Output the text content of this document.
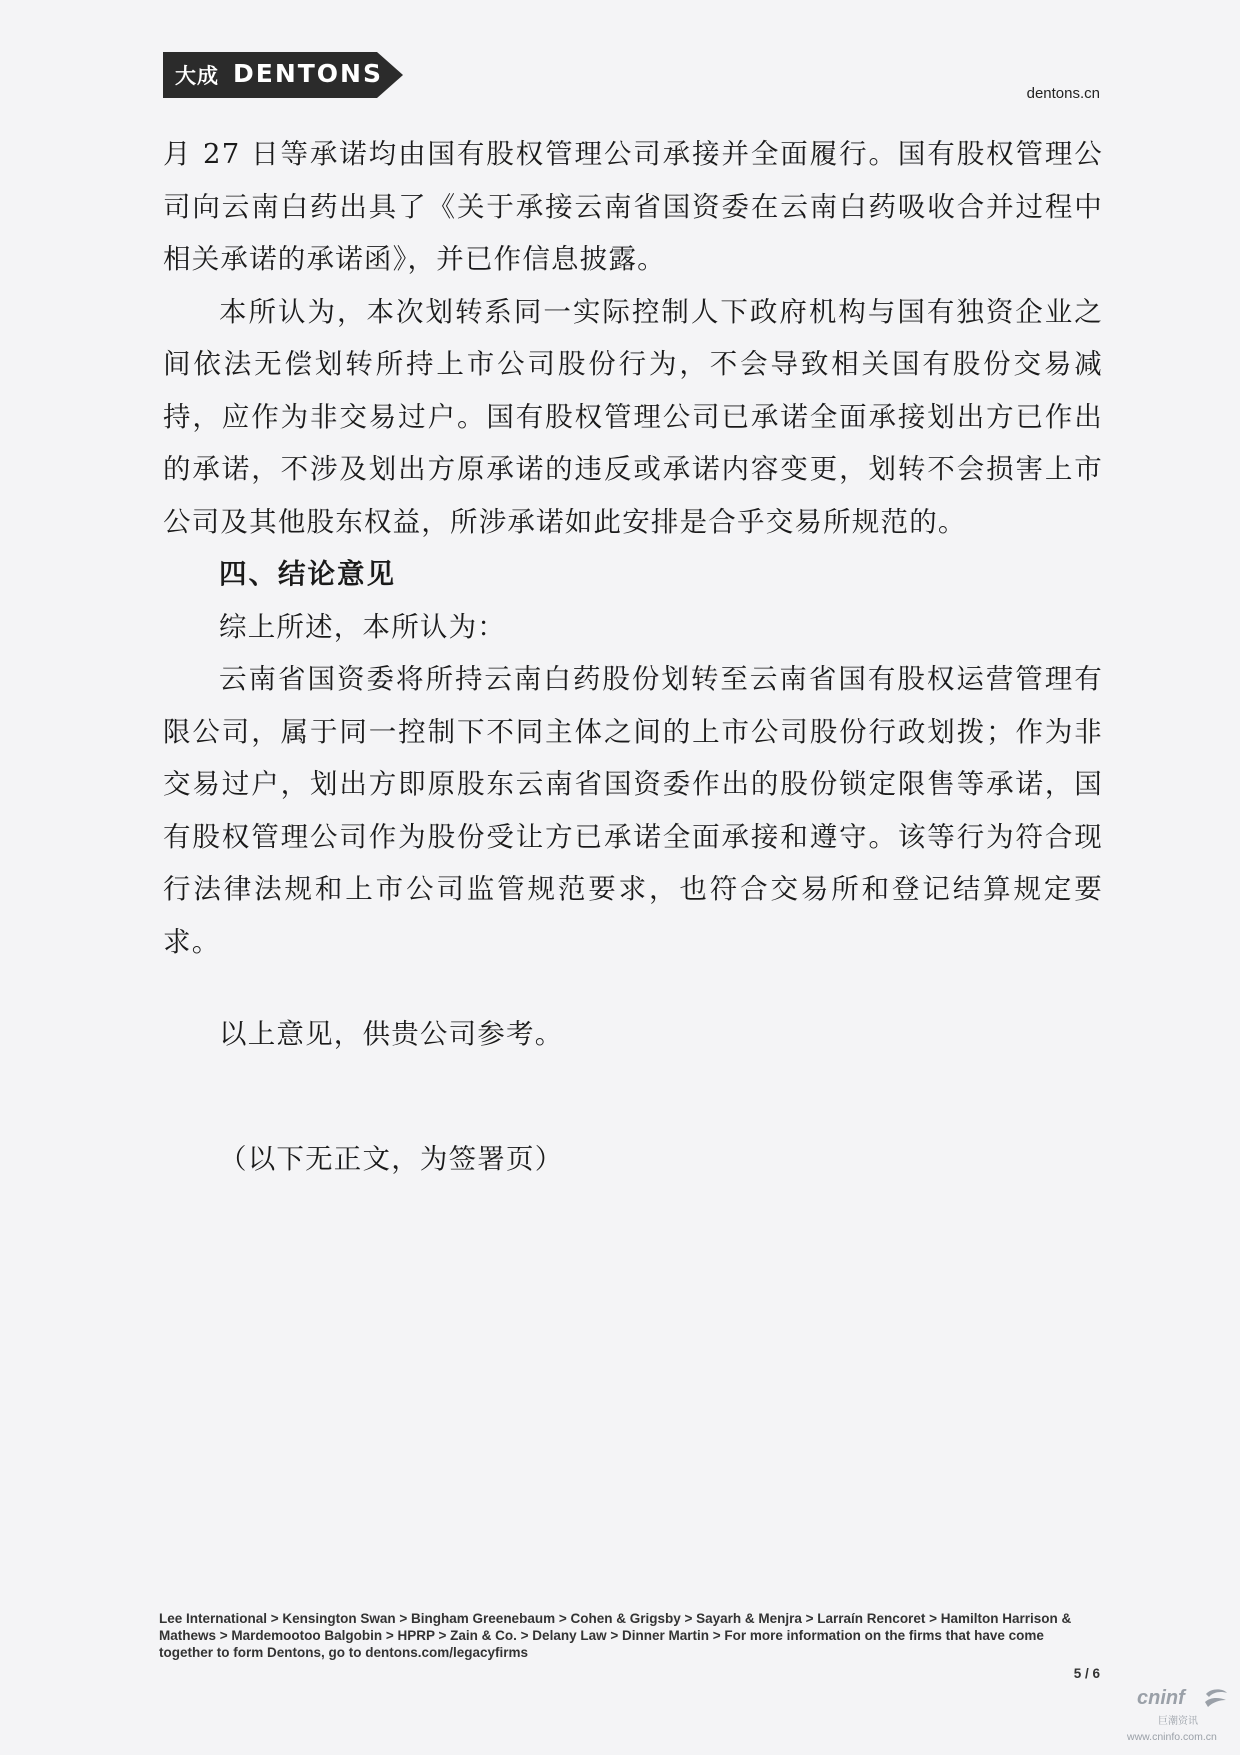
大成 DENTONS
dentons.cn

月 27 日等承诺均由国有股权管理公司承接并全面履行。国有股权管理公司向云南白药出具了《关于承接云南省国资委在云南白药吸收合并过程中相关承诺的承诺函》，并已作信息披露。

本所认为，本次划转系同一实际控制人下政府机构与国有独资企业之间依法无偿划转所持上市公司股份行为，不会导致相关国有股份交易减持，应作为非交易过户。国有股权管理公司已承诺全面承接划出方已作出的承诺，不涉及划出方原承诺的违反或承诺内容变更，划转不会损害上市公司及其他股东权益，所涉承诺如此安排是合乎交易所规范的。

四、结论意见

综上所述，本所认为：

云南省国资委将所持云南白药股份划转至云南省国有股权运营管理有限公司，属于同一控制下不同主体之间的上市公司股份行政划拨；作为非交易过户，划出方即原股东云南省国资委作出的股份锁定限售等承诺，国有股权管理公司作为股份受让方已承诺全面承接和遵守。该等行为符合现行法律法规和上市公司监管规范要求，也符合交易所和登记结算规定要求。

以上意见，供贵公司参考。

（以下无正文，为签署页）

Lee International > Kensington Swan > Bingham Greenebaum > Cohen & Grigsby > Sayarh & Menjra > Larraín Rencoret > Hamilton Harrison & Mathews > Mardemootoo Balgobin > HPRP > Zain & Co. > Delany Law > Dinner Martin > For more information on the firms that have come together to form Dentons, go to dentons.com/legacyfirms
5 / 6
cninf
巨潮资讯
www.cninfo.com.cn
